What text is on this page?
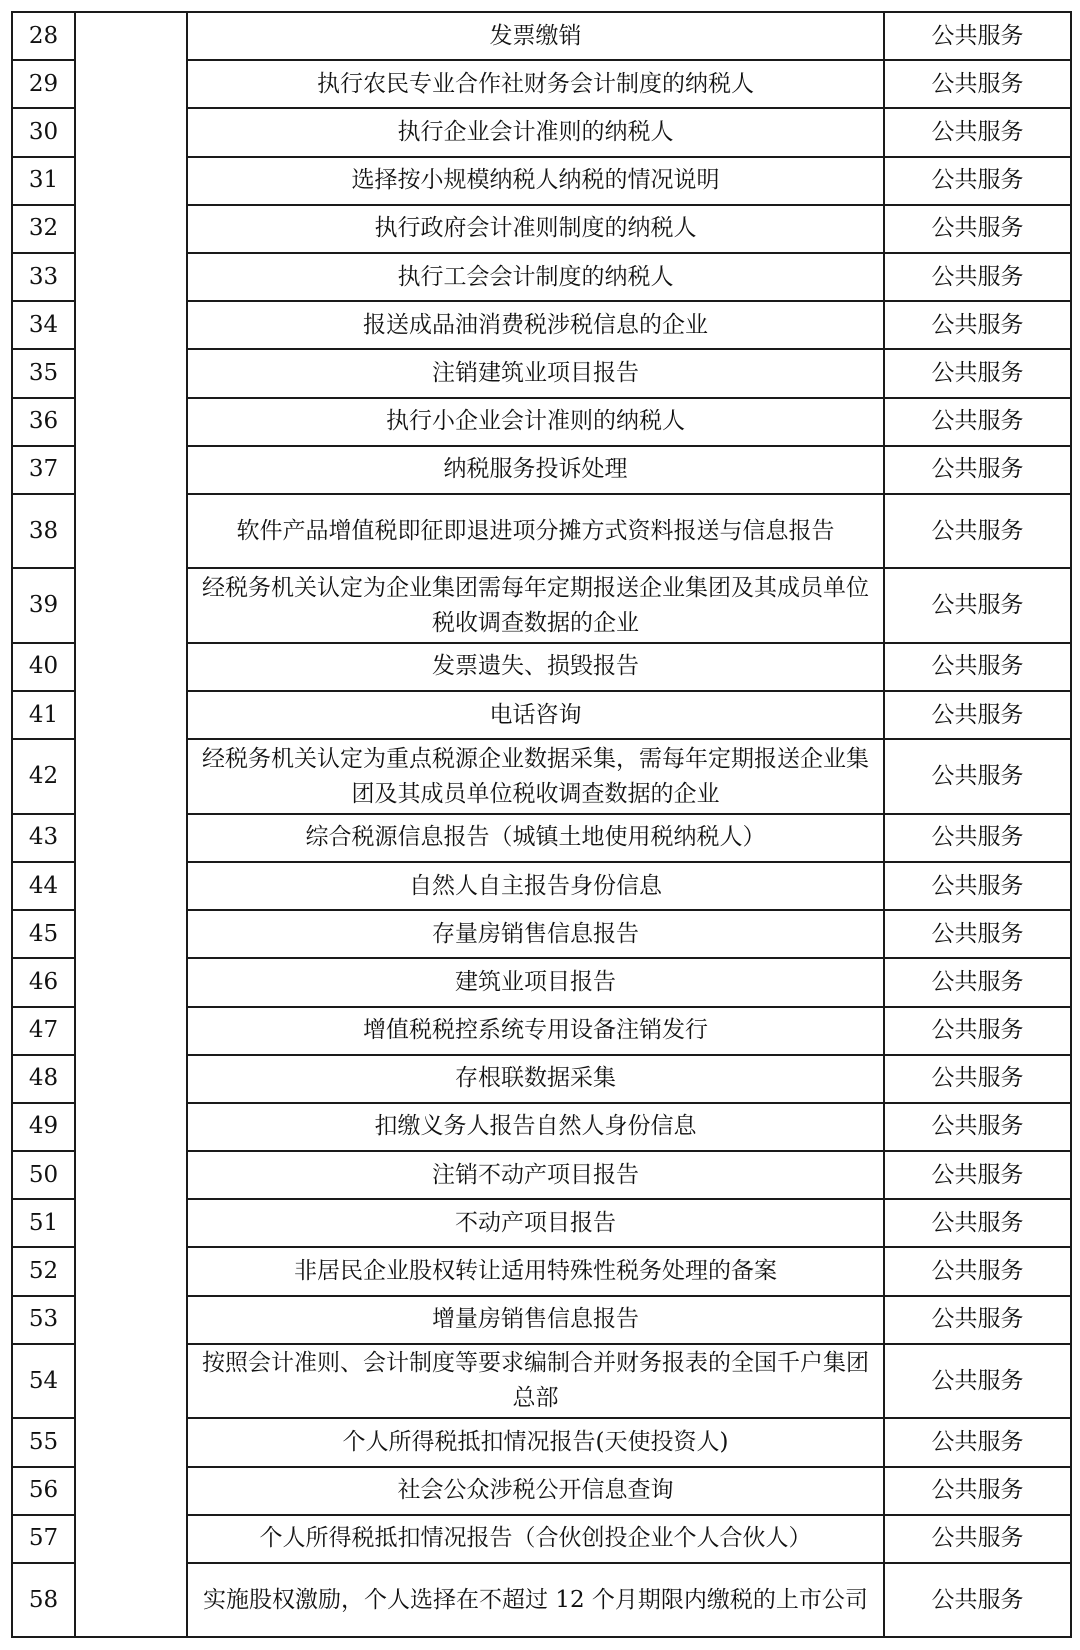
28		发票缴销	公共服务
29		执行农民专业合作社财务会计制度的纳税人	公共服务
30		执行企业会计准则的纳税人	公共服务
31		选择按小规模纳税人纳税的情况说明	公共服务
32		执行政府会计准则制度的纳税人	公共服务
33		执行工会会计制度的纳税人	公共服务
34		报送成品油消费税涉税信息的企业	公共服务
35		注销建筑业项目报告	公共服务
36		执行小企业会计准则的纳税人	公共服务
37		纳税服务投诉处理	公共服务
38		软件产品增值税即征即退进项分摊方式资料报送与信息报告	公共服务
39		经税务机关认定为企业集团需每年定期报送企业集团及其成员单位税收调查数据的企业	公共服务
40		发票遗失、损毁报告	公共服务
41		电话咨询	公共服务
42		经税务机关认定为重点税源企业数据采集，需每年定期报送企业集团及其成员单位税收调查数据的企业	公共服务
43		综合税源信息报告（城镇土地使用税纳税人）	公共服务
44		自然人自主报告身份信息	公共服务
45		存量房销售信息报告	公共服务
46		建筑业项目报告	公共服务
47		增值税税控系统专用设备注销发行	公共服务
48		存根联数据采集	公共服务
49		扣缴义务人报告自然人身份信息	公共服务
50		注销不动产项目报告	公共服务
51		不动产项目报告	公共服务
52		非居民企业股权转让适用特殊性税务处理的备案	公共服务
53		增量房销售信息报告	公共服务
54		按照会计准则、会计制度等要求编制合并财务报表的全国千户集团总部	公共服务
55		个人所得税抵扣情况报告(天使投资人)	公共服务
56		社会公众涉税公开信息查询	公共服务
57		个人所得税抵扣情况报告（合伙创投企业个人合伙人）	公共服务
58		实施股权激励，个人选择在不超过 12 个月期限内缴税的上市公司	公共服务
